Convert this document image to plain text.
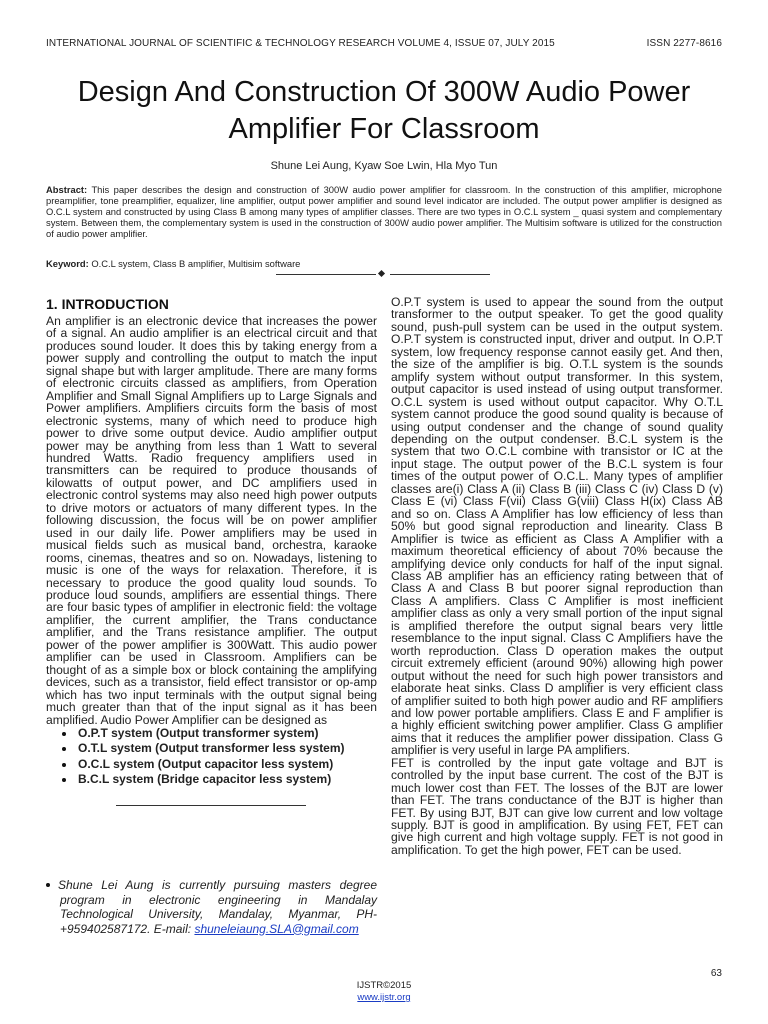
INTERNATIONAL JOURNAL OF SCIENTIFIC & TECHNOLOGY RESEARCH VOLUME 4, ISSUE 07, JULY 2015	ISSN 2277-8616
Design And Construction Of 300W Audio Power Amplifier For Classroom
Shune Lei Aung, Kyaw Soe Lwin, Hla Myo Tun

Abstract: This paper describes the design and construction of 300W audio power amplifier for classroom. In the construction of this amplifier, microphone preamplifier, tone preamplifier, equalizer, line amplifier, output power amplifier and sound level indicator are included. The output power amplifier is designed as O.C.L system and constructed by using Class B among many types of amplifier classes. There are two types in O.C.L system _ quasi system and complementary system. Between them, the complementary system is used in the construction of 300W audio power amplifier. The Multisim software is utilized for the construction of audio power amplifier.

Keyword: O.C.L system, Class B amplifier, Multisim software
1. INTRODUCTION

An amplifier is an electronic device that increases the power of a signal. An audio amplifier is an electrical circuit and that produces sound louder. It does this by taking energy from a power supply and controlling the output to match the input signal shape but with larger amplitude. There are many forms of electronic circuits classed as amplifiers, from Operation Amplifier and Small Signal Amplifiers up to Large Signals and Power amplifiers. Amplifiers circuits form the basis of most electronic systems, many of which need to produce high power to drive some output device. Audio amplifier output power may be anything from less than 1 Watt to several hundred Watts. Radio frequency amplifiers used in transmitters can be required to produce thousands of kilowatts of output power, and DC amplifiers used in electronic control systems may also need high power outputs to drive motors or actuators of many different types. In the following discussion, the focus will be on power amplifier used in our daily life. Power amplifiers may be used in musical fields such as musical band, orchestra, karaoke rooms, cinemas, theatres and so on. Nowadays, listening to music is one of the ways for relaxation. Therefore, it is necessary to produce the good quality loud sounds. To produce loud sounds, amplifiers are essential things. There are four basic types of amplifier in electronic field: the voltage amplifier, the current amplifier, the Trans conductance amplifier, and the Trans resistance amplifier. The output power of the power amplifier is 300Watt. This audio power amplifier can be used in Classroom. Amplifiers can be thought of as a simple box or block containing the amplifying devices, such as a transistor, field effect transistor or op-amp which has two input terminals with the output signal being much greater than that of the input signal as it has been amplified. Audio Power Amplifier can be designed as

O.P.T system (Output transformer system)
O.T.L system (Output transformer less system)
O.C.L system (Output capacitor less system)
B.C.L system (Bridge capacitor less system)
Shune Lei Aung is currently pursuing masters degree program in electronic engineering in Mandalay Technological University, Mandalay, Myanmar, PH-+959402587172. E-mail: shuneleiaung.SLA@gmail.com

O.P.T system is used to appear the sound from the output transformer to the output speaker. To get the good quality sound, push-pull system can be used in the output system. O.P.T system is constructed input, driver and output. In O.P.T system, low frequency response cannot easily get. And then, the size of the amplifier is big. O.T.L system is the sounds amplify system without output transformer. In this system, output capacitor is used instead of using output transformer. O.C.L system is used without output capacitor. Why O.T.L system cannot produce the good sound quality is because of using output condenser and the change of sound quality depending on the output condenser. B.C.L system is the system that two O.C.L combine with transistor or IC at the input stage. The output power of the B.C.L system is four times of the output power of O.C.L. Many types of amplifier classes are(i) Class A (ii) Class B (iii) Class C (iv) Class D (v) Class E (vi) Class F(vii) Class G(viii) Class H(ix) Class AB and so on. Class A Amplifier has low efficiency of less than 50% but good signal reproduction and linearity. Class B Amplifier is twice as efficient as Class A Amplifier with a maximum theoretical efficiency of about 70% because the amplifying device only conducts for half of the input signal. Class AB amplifier has an efficiency rating between that of Class A and Class B but poorer signal reproduction than Class A amplifiers. Class C Amplifier is most inefficient amplifier class as only a very small portion of the input signal is amplified therefore the output signal bears very little resemblance to the input signal. Class C Amplifiers have the worth reproduction. Class D operation makes the output circuit extremely efficient (around 90%) allowing high power output without the need for such high power transistors and elaborate heat sinks. Class D amplifier is very efficient class of amplifier suited to both high power audio and RF amplifiers and low power portable amplifiers. Class E and F amplifier is a highly efficient switching power amplifier. Class G amplifier aims that it reduces the amplifier power dissipation. Class G amplifier is very useful in large PA amplifiers.

FET is controlled by the input gate voltage and BJT is controlled by the input base current. The cost of the BJT is much lower cost than FET. The losses of the BJT are lower than FET. The trans conductance of the BJT is higher than FET. By using BJT, BJT can give low current and low voltage supply. BJT is good in amplification. By using FET, FET can give high current and high voltage supply. FET is not good in amplification. To get the high power, FET can be used.

63
IJSTR©2015
www.ijstr.org
